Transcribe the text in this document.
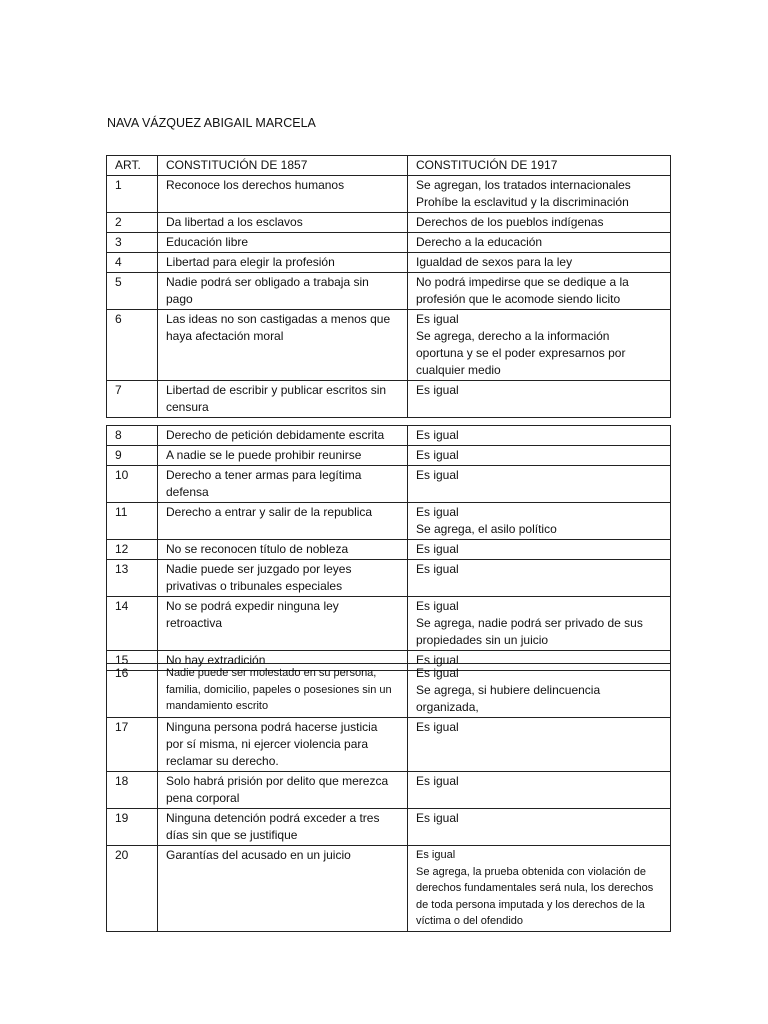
NAVA VÁZQUEZ ABIGAIL MARCELA
ART.	CONSTITUCIÓN DE 1857	CONSTITUCIÓN DE 1917

1	Reconoce los derechos humanos	Se agregan, los tratados internacionales
Prohíbe la esclavitud y la discriminación

2	Da libertad a los esclavos	Derechos de los pueblos indígenas

3	Educación libre	Derecho a la educación

4	Libertad para elegir la profesión	Igualdad de sexos para la ley

5	Nadie podrá ser obligado a trabaja sin
pago	No podrá impedirse que se dedique a la
profesión que le acomode siendo licito

6	Las ideas no son castigadas a menos que
haya afectación moral	Es igual
Se agrega, derecho a la información
oportuna y se el poder expresarnos por
cualquier medio

7	Libertad de escribir y publicar escritos sin
censura	Es igual
8	Derecho de petición debidamente escrita	Es igual

9	A nadie se le puede prohibir reunirse	Es igual

10	Derecho a tener armas para legítima
defensa	Es igual

11	Derecho a entrar y salir de la republica	Es igual
Se agrega, el asilo político

12	No se reconocen título de nobleza	Es igual

13	Nadie puede ser juzgado por leyes
privativas o tribunales especiales	Es igual

14	No se podrá expedir ninguna ley
retroactiva	Es igual
Se agrega, nadie podrá ser privado de sus
propiedades sin un juicio

15	No hay extradición	Es igual
16	Nadie puede ser molestado en su persona,
familia, domicilio, papeles o posesiones sin un
mandamiento escrito	Es igual
Se agrega, si hubiere delincuencia
organizada,

17	Ninguna persona podrá hacerse justicia
por sí misma, ni ejercer violencia para
reclamar su derecho.	Es igual

18	Solo habrá prisión por delito que merezca
pena corporal	Es igual

19	Ninguna detención podrá exceder a tres
días sin que se justifique	Es igual

20	Garantías del acusado en un juicio	Es igual
Se agrega, la prueba obtenida con violación de
derechos fundamentales será nula, los derechos
de toda persona imputada y los derechos de la
víctima o del ofendido
